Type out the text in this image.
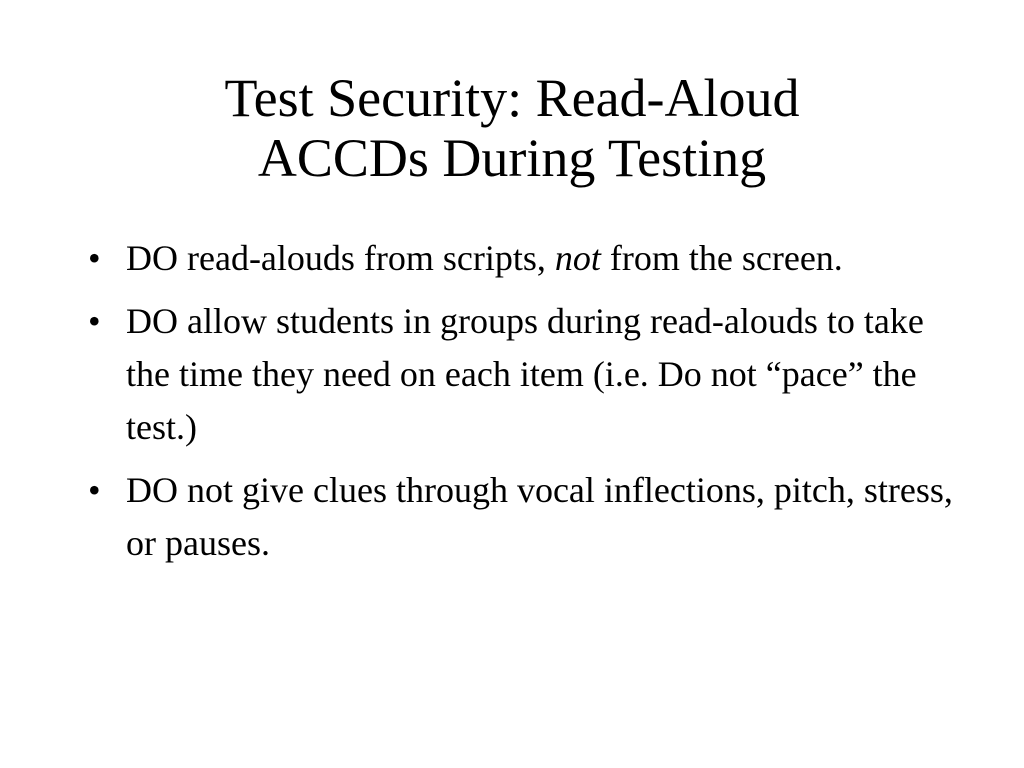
Test Security: Read-Aloud
ACCDs During Testing
• DO read-alouds from scripts, not from the screen.
• DO allow students in groups during read-alouds to take the time they need on each item (i.e. Do not “pace” the test.)
• DO not give clues through vocal inflections, pitch, stress, or pauses.
